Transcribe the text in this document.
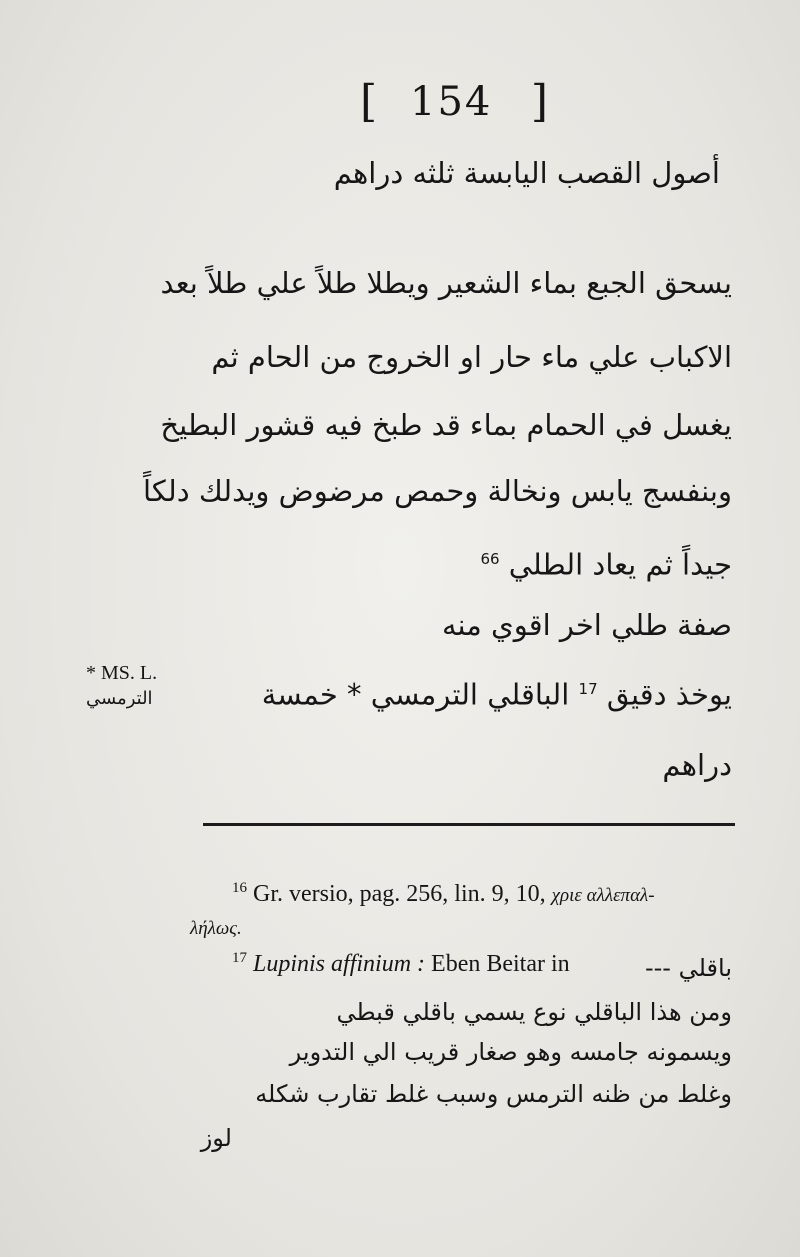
[ 154 ]
أصول القصب اليابسة ثلثه دراهم
يسحق الجبع بماء الشعير ويطلا طلاً علي طلاً بعد
الاكباب علي ماء حار او الخروج من الحام ثم
يغسل في الحمام بماء قد طبخ فيه قشور البطيخ
وبنفسج يابس ونخالة وحمص مرضوض ويدلك دلكاً
جيداً ثم يعاد الطلي $^{66}$
صفة طلي اخر اقوي منه
يوخذ دقيق $^{17}$ الباقلي الترمسي * خمسة
دراهم
* MS. L.
الترمسي
$^{16}$ Gr. versio, pag. 256, lin. 9, 10, χριε αλλεπαλ-
λήλως.
$^{17}$ Lupinis affinium : Eben Beitar in	باقلي ---
ومن هذا الباقلي نوع يسمي باقلي قبطي
ويسمونه جامسه وهو صغار قريب الي التدوير
وغلط من ظنه الترمس وسبب غلط تقارب شكله
لوز
